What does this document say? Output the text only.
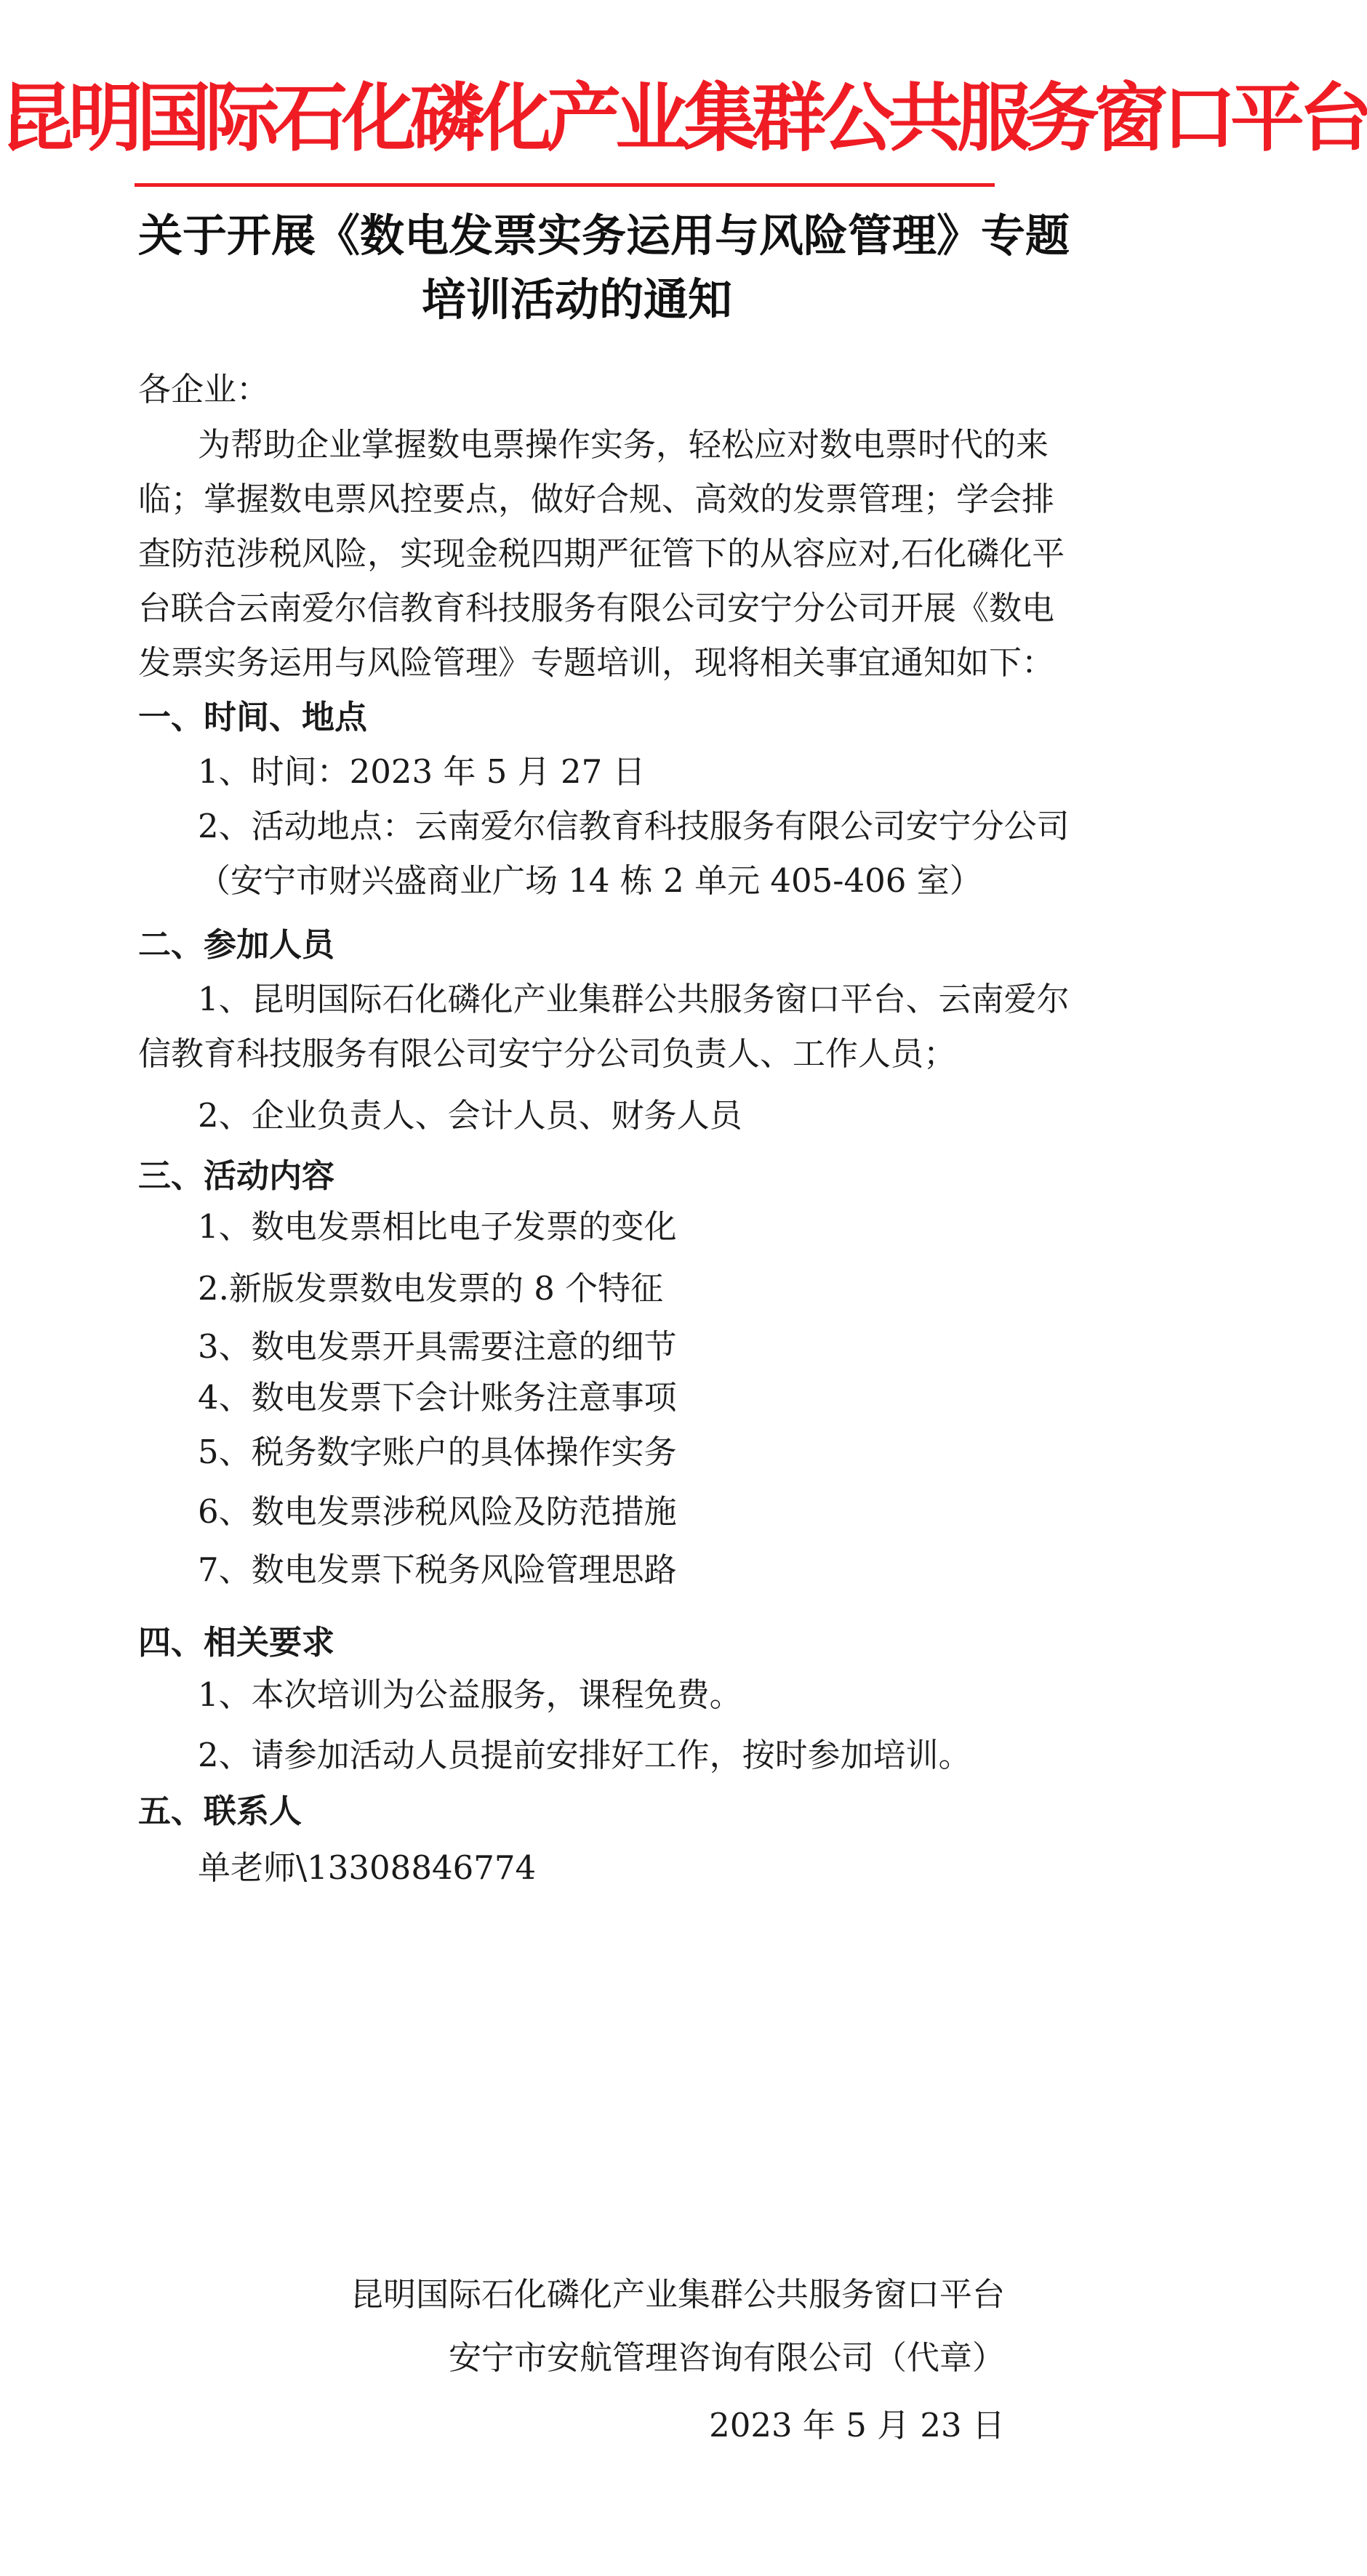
昆明国际石化磷化产业集群公共服务窗口平台
关于开展《数电发票实务运用与风险管理》专题
培训活动的通知
各企业：
为帮助企业掌握数电票操作实务，轻松应对数电票时代的来
临；掌握数电票风控要点，做好合规、高效的发票管理；学会排
查防范涉税风险，实现金税四期严征管下的从容应对,石化磷化平
台联合云南爱尔信教育科技服务有限公司安宁分公司开展《数电
发票实务运用与风险管理》专题培训，现将相关事宜通知如下：
一、时间、地点
1、时间：2023 年 5 月 27 日
2、活动地点：云南爱尔信教育科技服务有限公司安宁分公司
（安宁市财兴盛商业广场 14 栋 2 单元 405-406 室）
二、参加人员
1、昆明国际石化磷化产业集群公共服务窗口平台、云南爱尔
信教育科技服务有限公司安宁分公司负责人、工作人员；
2、企业负责人、会计人员、财务人员
三、活动内容
1、数电发票相比电子发票的变化
2.新版发票数电发票的 8 个特征
3、数电发票开具需要注意的细节
4、数电发票下会计账务注意事项
5、税务数字账户的具体操作实务
6、数电发票涉税风险及防范措施
7、数电发票下税务风险管理思路
四、相关要求
1、本次培训为公益服务，课程免费。
2、请参加活动人员提前安排好工作，按时参加培训。
五、联系人
单老师\13308846774
昆明国际石化磷化产业集群公共服务窗口平台
安宁市安航管理咨询有限公司（代章）
2023 年 5 月 23 日
